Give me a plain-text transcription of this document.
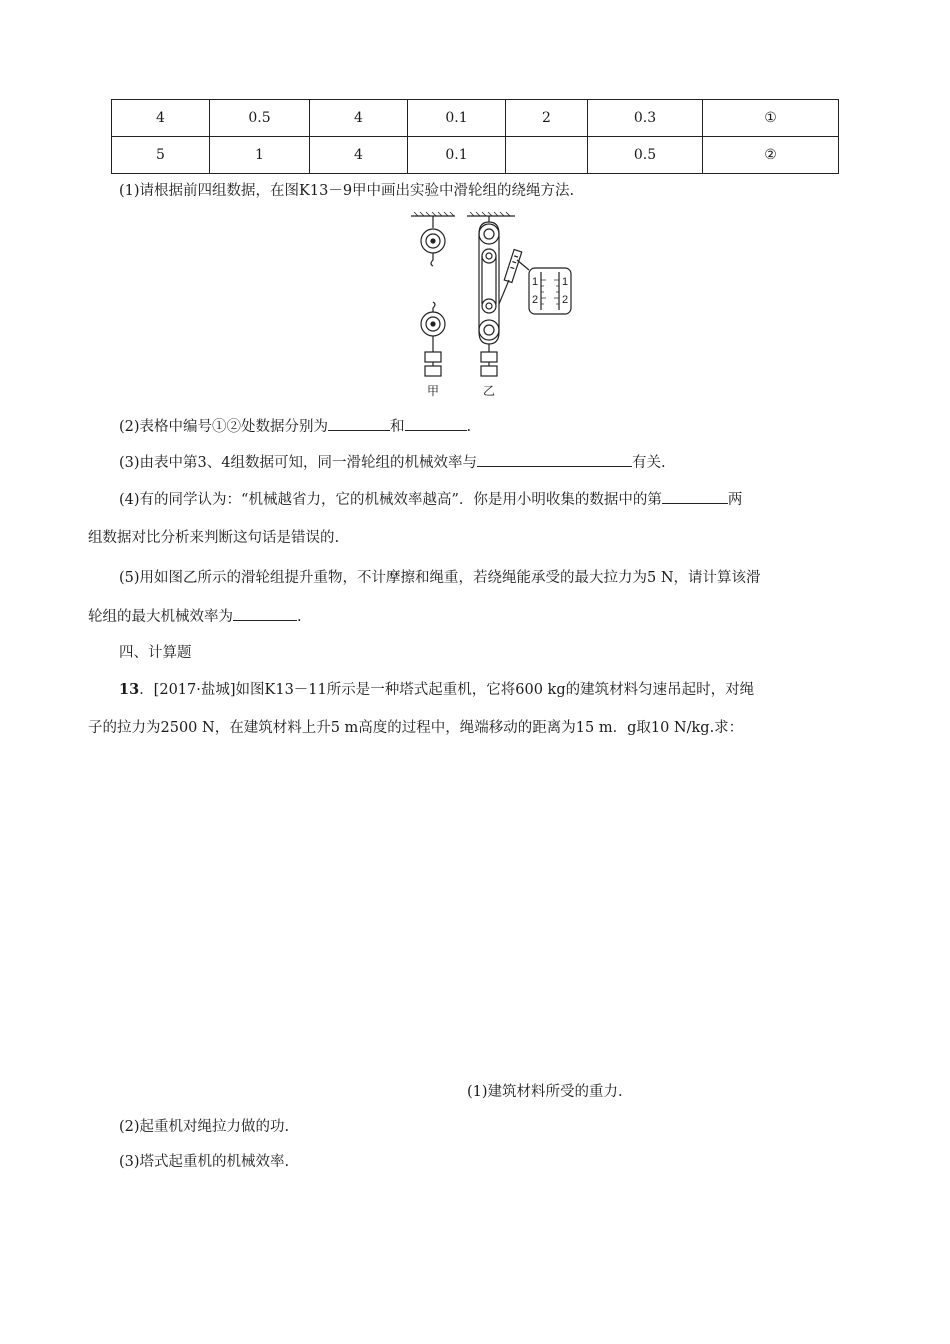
4	0.5	4	0.1	2	0.3	①
5	1	4	0.1		0.5	②
(1)请根据前四组数据，在图K13－9甲中画出实验中滑轮组的绕绳方法.
1
2
1
2
甲	乙
(2)表格中编号①②处数据分别为	和	.
(3)由表中第3、4组数据可知，同一滑轮组的机械效率与	有关.
(4)有的同学认为：“机械越省力，它的机械效率越高”．你是用小明收集的数据中的第	两
组数据对比分析来判断这句话是错误的.
(5)用如图乙所示的滑轮组提升重物，不计摩擦和绳重，若绕绳能承受的最大拉力为5 N，请计算该滑
轮组的最大机械效率为	.
四、计算题
13．[2017·盐城]如图K13－11所示是一种塔式起重机，它将600 kg的建筑材料匀速吊起时，对绳
子的拉力为2500 N，在建筑材料上升5 m高度的过程中，绳端移动的距离为15 m．g取10 N/kg.求：
(1)建筑材料所受的重力.
(2)起重机对绳拉力做的功.
(3)塔式起重机的机械效率.
